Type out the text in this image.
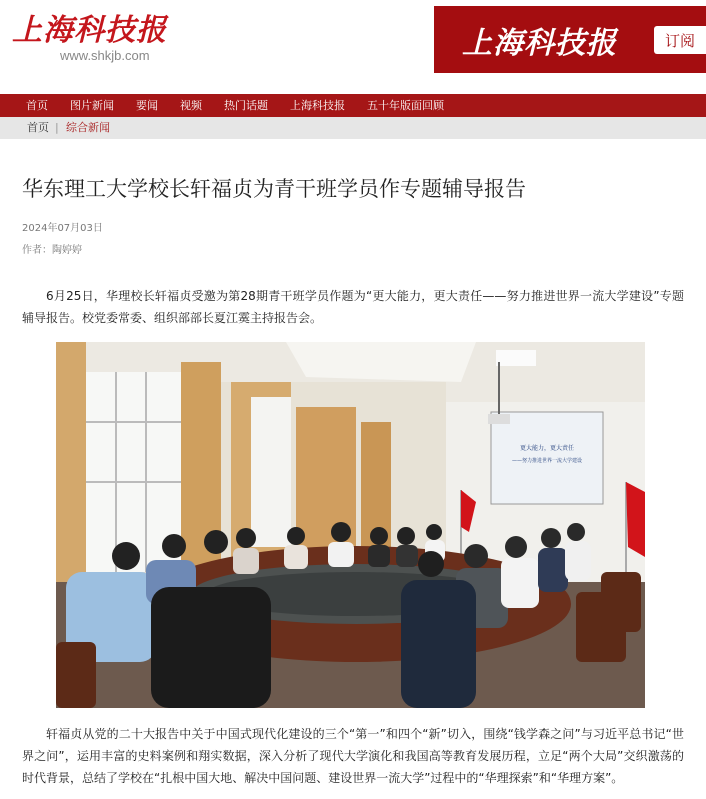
上海科技报
www.shkjb.com	上海科技报	订阅
首页	图片新闻	要闻	视频	热门话题	上海科技报	五十年版面回顾
首页 | 综合新闻
华东理工大学校长轩福贞为青干班学员作专题辅导报告
2024年07月03日
作者：陶婷婷

6月25日，华理校长轩福贞受邀为第28期青干班学员作题为“更大能力，更大责任——努力推进世界一流大学建设”专题辅导报告。校党委常委、组织部部长夏江霙主持报告会。

更大能力，更大责任
——努力推进世界一流大学建设

轩福贞从党的二十大报告中关于中国式现代化建设的三个“第一”和四个“新”切入，围绕“钱学森之问”与习近平总书记“世界之问”，运用丰富的史料案例和翔实数据，深入分析了现代大学演化和我国高等教育发展历程，立足“两个大局”交织激荡的时代背景，总结了学校在“扎根中国大地、解决中国问题、建设世界一流大学”过程中的“华理探索”和“华理方案”。
